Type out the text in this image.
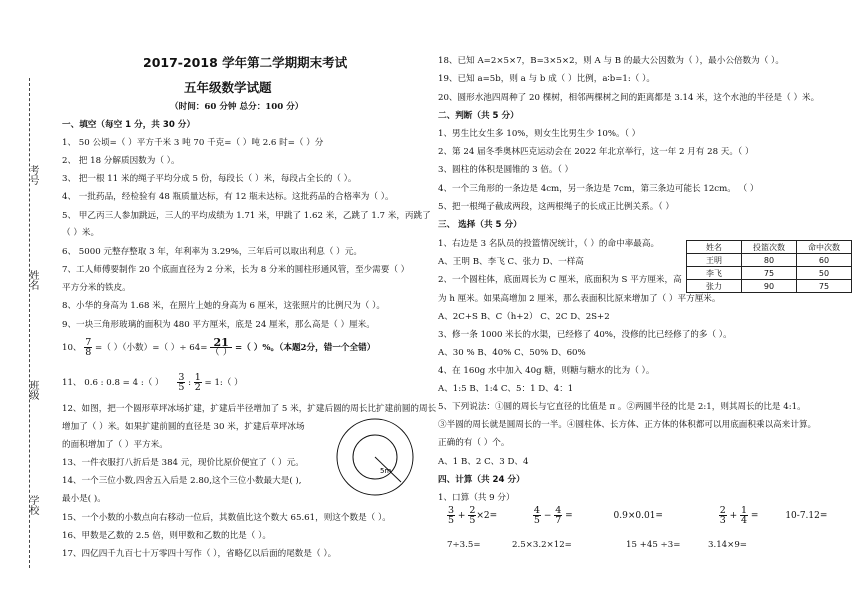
考号
姓名
班级
学校
2017-2018 学年第二学期期末考试
五年级数学试题
（时间：60 分钟 总分：100 分）
一、填空（每空 1 分，共 30 分）
1、 50 公顷=（ ）平方千米 3 吨 70 千克=（ ）吨 2.6 时=（ ）分
2、 把 18 分解质因数为（ ）。
3、 把一根 11 米的绳子平均分成 5 份，每段长（ ）米，每段占全长的（ ）。
4、 一批药品，经检验有 48 瓶质量达标，有 12 瓶未达标。这批药品的合格率为（ ）。
5、 甲乙丙三人参加跳远，三人的平均成绩为 1.71 米，甲跳了 1.62 米，乙跳了 1.7 米，丙跳了
（ ）米。
6、 5000 元整存整取 3 年，年利率为 3.29%，三年后可以取出利息（ ）元。
7、工人师傅要制作 20 个底面直径为 2 分米，长为 8 分米的圆柱形通风管，至少需要（ ）
平方分米的铁皮。
8、小华的身高为 1.68 米，在照片上她的身高为 6 厘米，这张照片的比例尺为（ ）。
9、一块三角形玻璃的面积为 480 平方厘米，底是 24 厘米，那么高是（ ）厘米。
10、 $\frac{7}{8}$ =（ ）（小数）=（ ）÷ $64= \frac{21}{( )}$ =（ ）%。（本题2分，错一个全错）
11、 0.6 : 0.8 = 4 :（ ） $\frac{3}{5}$ : $\frac{1}{2}$ = 1:（ ）
12、如图，把一个圆形草坪冰场扩建，扩建后半径增加了 5 米，扩建后圆的周长比扩建前圆的周长
增加了（ ）米。如果扩建前圆的直径是 30 米，扩建后草坪冰场
的面积增加了（ ）平方米。
5m
13、一件衣服打八折后是 384 元，现价比原价便宜了（ ）元。
14、一个三位小数,四舍五入后是 2.80,这个三位小数最大是( ),
最小是( )。
15、一个小数的小数点向右移动一位后，其数值比这个数大 65.61，则这个数是（ ）。
16、甲数是乙数的 2.5 倍，则甲数和乙数的比是（ ）。
17、四亿四千九百七十万零四十写作（ ），省略亿以后面的尾数是（ ）。
18、已知 A=2×5×7，B=3×5×2，则 A 与 B 的最大公因数为（ ），最小公倍数为（ ）。
19、已知 a=5b，则 a 与 b 成（ ）比例，a∶b=1:（ ）。
20、圆形水池四周种了 20 棵树，相邻两棵树之间的距离都是 3.14 米，这个水池的半径是（ ）米。
二、判断（共 5 分）
1、男生比女生多 10%，则女生比男生少 10%。（ ）
2、第 24 届冬季奥林匹克运动会在 2022 年北京举行，这一年 2 月有 28 天。（ ）
3、圆柱的体积是圆锥的 3 倍。（ ）
4、一个三角形的一条边是 4cm，另一条边是 7cm，第三条边可能长 12cm。 （ ）
5、把一根绳子截成两段，这两根绳子的长成正比例关系。（ ）
三、 选择（共 5 分）
1、右边是 3 名队员的投篮情况统计，（ ）的命中率最高。
A、王明 B、李飞 C、张力 D、一样高
2、一个圆柱体，底面周长为 C 厘米，底面积为 S 平方厘米，高
为 h 厘米。如果高增加 2 厘米，那么表面积比原来增加了（ ）平方厘米。
A、2C+S B、C（h+2） C、2C D、2S+2
3、修一条 1000 米长的水渠，已经修了 40%，没修的比已经修了的多（ ）。
A、30 % B、40% C、50% D、60%
4、在 160g 水中加入 40g 糖，则糖与糖水的比为（ ）。
A、1:5 B、1:4 C、5：1 D、4：1
5、下列说法：①圆的周长与它直径的比值是 π 。②两圆半径的比是 2:1，则其周长的比是 4:1。
③半圆的周长就是圆周长的一半。④圆柱体、长方体、正方体的体积都可以用底面积乘以高来计算。
正确的有（ ）个。
A、1 B、2 C、3 D、4
四、计算（共 24 分）
1、口算（共 9 分）
$\frac{3}{5} + \frac{2}{5} \times 2=$	$\frac{4}{5} - \frac{4}{7}$ =	0.9×0.01=	$\frac{2}{3} + \frac{1}{4}$ =	10-7.12=
7÷3.5=	2.5×3.2×12=	15 +45 ÷3=	3.14×9=
姓名	投篮次数	命中次数
王明	80	60
李飞	75	50
张力	90	75
